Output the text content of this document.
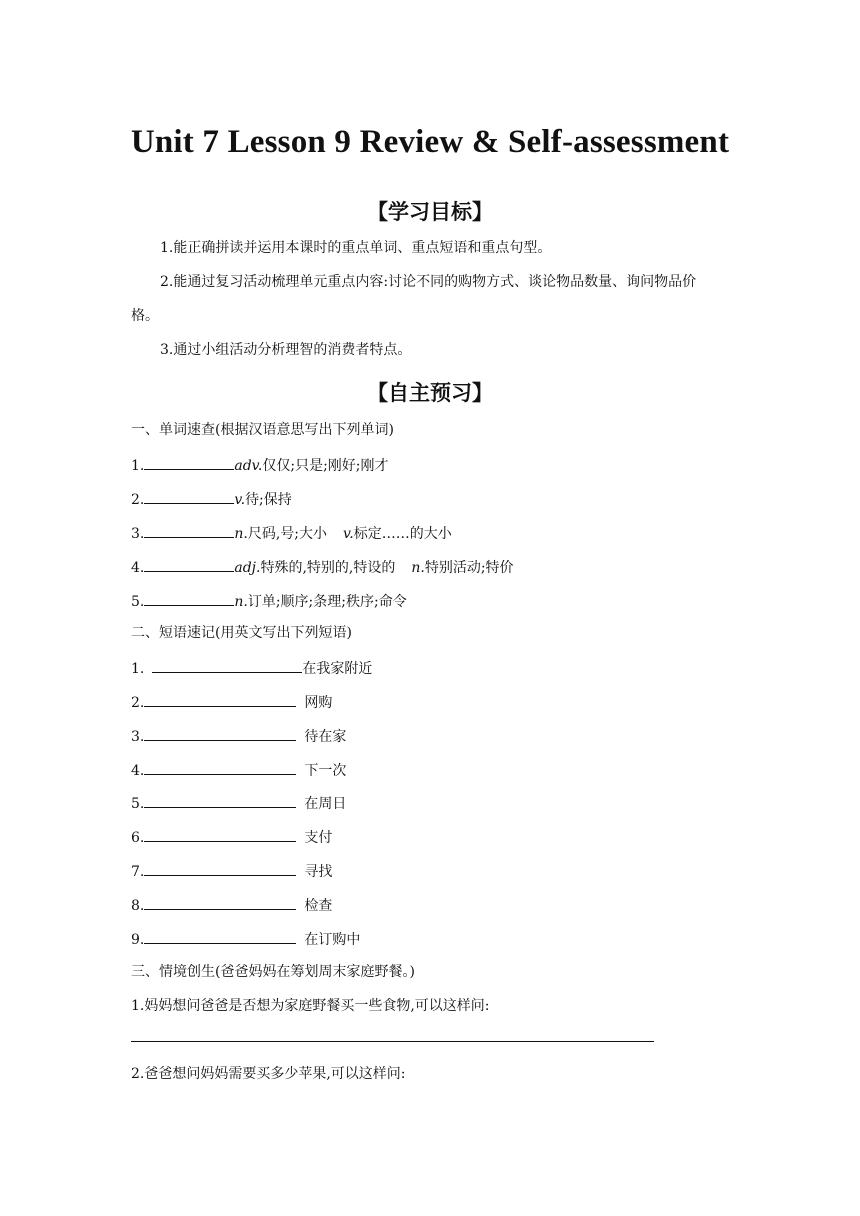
Unit 7 Lesson 9 Review & Self-assessment
【学习目标】
1.能正确拼读并运用本课时的重点单词、重点短语和重点句型。
2.能通过复习活动梳理单元重点内容:讨论不同的购物方式、谈论物品数量、询问物品价
格。
3.通过小组活动分析理智的消费者特点。
【自主预习】
一、单词速查(根据汉语意思写出下列单词)
1.	adv.仅仅;只是;刚好;刚才
2.	v.待;保持
3.	n.尺码,号;大小 v.标定……的大小
4.	adj.特殊的,特别的,特设的 n.特别活动;特价
5.	n.订单;顺序;条理;秩序;命令
二、短语速记(用英文写出下列短语)
1.	在我家附近
2.	网购
3.	待在家
4.	下一次
5.	在周日
6.	支付
7.	寻找
8.	检查
9.	在订购中
三、情境创生(爸爸妈妈在筹划周末家庭野餐。)
1.妈妈想问爸爸是否想为家庭野餐买一些食物,可以这样问:
2.爸爸想问妈妈需要买多少苹果,可以这样问:
